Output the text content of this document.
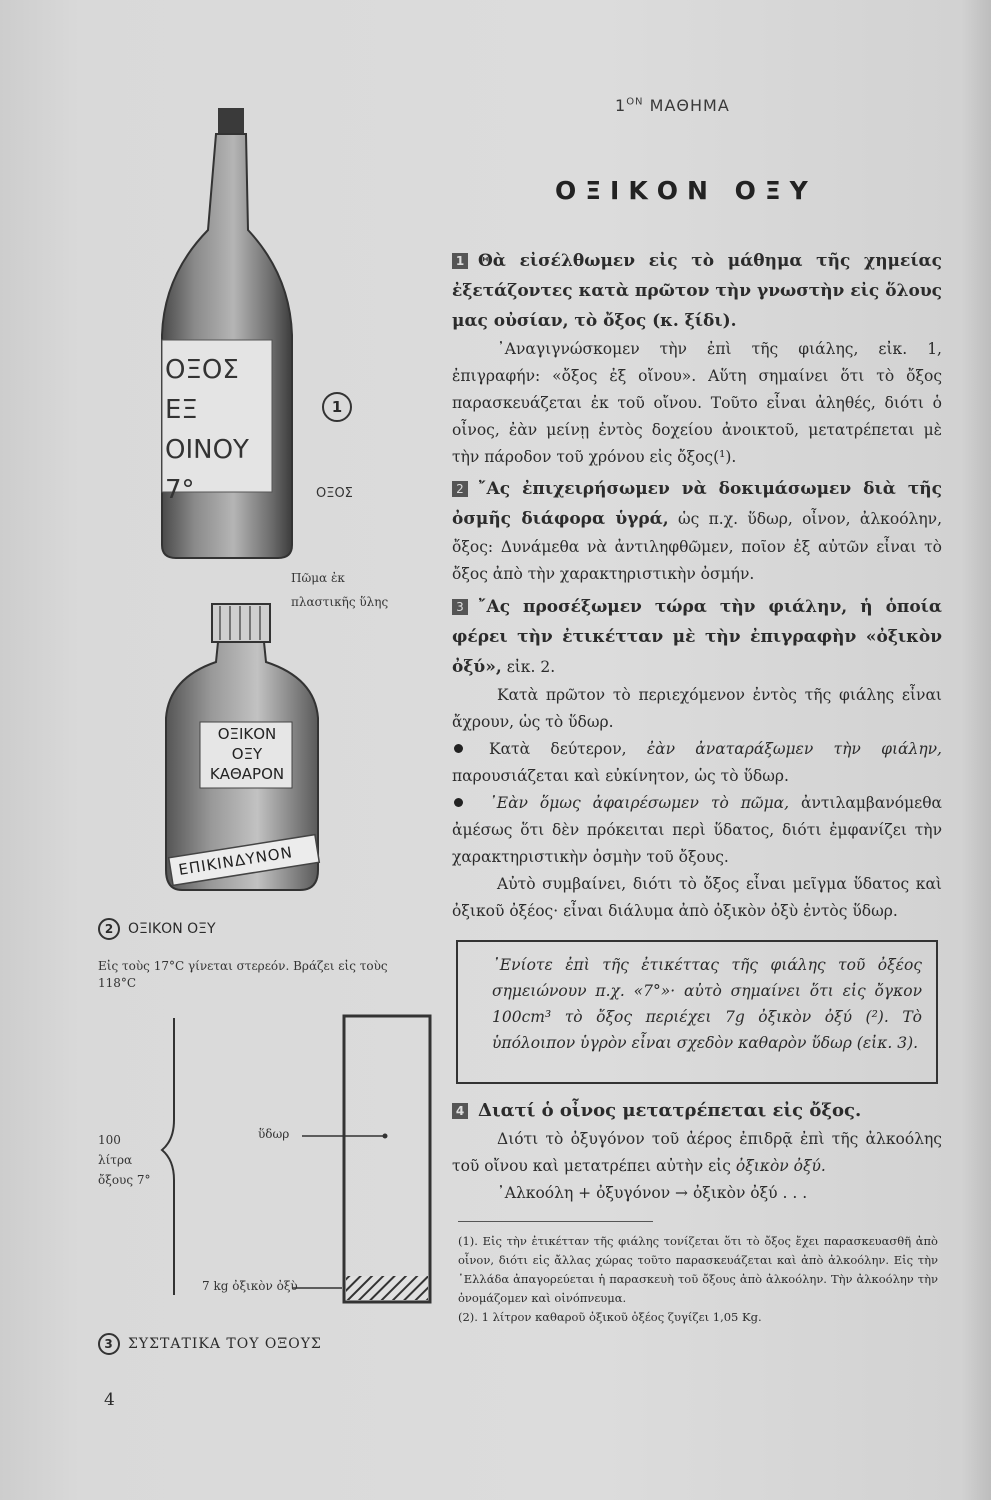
$1^{ON}$ ΜΑΘΗΜΑ
ΟΞΙΚΟΝ ΟΞΥ

1 Θὰ εἰσέλθωμεν εἰς τὸ μάθημα τῆς χημείας ἐξετάζοντες κατὰ πρῶτον τὴν γνωστὴν εἰς ὅλους μας οὐσίαν, τὸ ὄξος (κ. ξίδι).

᾿Αναγιγνώσκομεν τὴν ἐπὶ τῆς φιάλης, εἰκ. 1, ἐπιγραφήν: «ὄξος ἐξ οἴνου». Αὕτη σημαίνει ὅτι τὸ ὄξος παρασκευάζεται ἐκ τοῦ οἴνου. Τοῦτο εἶναι ἀληθές, διότι ὁ οἶνος, ἐὰν μείνῃ ἐντὸς δοχείου ἀνοικτοῦ, μετατρέπεται μὲ τὴν πάροδον τοῦ χρόνου εἰς ὄξος(¹).

2 ῎Ας ἐπιχειρήσωμεν νὰ δοκιμάσωμεν διὰ τῆς ὀσμῆς διάφορα ὑγρά, ὡς π.χ. ὕδωρ, οἶνον, ἀλκοόλην, ὄξος: Δυνάμεθα νὰ ἀντιληφθῶμεν, ποῖον ἐξ αὐτῶν εἶναι τὸ ὄξος ἀπὸ τὴν χαρακτηριστικὴν ὀσμήν.

3 ῎Ας προσέξωμεν τώρα τὴν φιάλην, ἡ ὁποία φέρει τὴν ἐτικέτταν μὲ τὴν ἐπιγραφὴν «ὀξικὸν ὀξύ», εἰκ. 2.

Κατὰ πρῶτον τὸ περιεχόμενον ἐντὸς τῆς φιάλης εἶναι ἄχρουν, ὡς τὸ ὕδωρ.

Κατὰ δεύτερον, ἐὰν ἀναταράξωμεν τὴν φιάλην, παρουσιάζεται καὶ εὐκίνητον, ὡς τὸ ὕδωρ.

᾿Εὰν ὅμως ἀφαιρέσωμεν τὸ πῶμα, ἀντιλαμβανόμεθα ἀμέσως ὅτι δὲν πρόκειται περὶ ὕδατος, διότι ἐμφανίζει τὴν χαρακτηριστικὴν ὀσμὴν τοῦ ὄξους.

Αὐτὸ συμβαίνει, διότι τὸ ὄξος εἶναι μεῖγμα ὕδατος καὶ ὀξικοῦ ὀξέος· εἶναι διάλυμα ἀπὸ ὀξικὸν ὀξὺ ἐντὸς ὕδωρ.

᾿Ενίοτε ἐπὶ τῆς ἐτικέττας τῆς φιάλης τοῦ ὀξέος σημειώνουν π.χ. «7°»· αὐτὸ σημαίνει ὅτι εἰς ὄγκον 100cm³ τὸ ὄξος περιέχει 7g ὀξικὸν ὀξύ (²). Τὸ ὑπόλοιπον ὑγρὸν εἶναι σχεδὸν καθαρὸν ὕδωρ (εἰκ. 3).

4 Διατί ὁ οἶνος μετατρέπεται εἰς ὄξος.

Διότι τὸ ὀξυγόνον τοῦ ἀέρος ἐπιδρᾷ ἐπὶ τῆς ἀλκοόλης τοῦ οἴνου καὶ μετατρέπει αὐτὴν εἰς ὀξικὸν ὀξύ.

᾿Αλκοόλη + ὀξυγόνον → ὀξικὸν ὀξύ . . .

(1). Εἰς τὴν ἐτικέτταν τῆς φιάλης τονίζεται ὅτι τὸ ὄξος ἔχει παρασκευασθῆ ἀπὸ οἶνον, διότι εἰς ἄλλας χώρας τοῦτο παρασκευάζεται καὶ ἀπὸ ἀλκοόλην. Εἰς τὴν ῾Ελλάδα ἀπαγορεύεται ἡ παρασκευὴ τοῦ ὄξους ἀπὸ ἀλκοόλην. Τὴν ἀλκοόλην τὴν ὀνομάζομεν καὶ οἰνόπνευμα.
(2). 1 λίτρον καθαροῦ ὀξικοῦ ὀξέος ζυγίζει 1,05 Kg.
ΟΞΟΣ ΕΞ ΟΙΝΟΥ 7°
1
ΟΞΟΣ
Πῶμα ἐκ πλαστικῆς ὕλης
ΟΞΙΚΟΝ ΟΞΥ ΚΑΘΑΡΟΝ
ΕΠΙΚΙΝΔΥΝΟΝ
2 ΟΞΙΚΟΝ ΟΞΥ
Εἰς τοὺς 17°C γίνεται στερεόν. Βράζει εἰς τοὺς 118°C
100 λίτρα ὄξους 7°
ὕδωρ
7 kg ὀξικὸν ὀξὺ
3 ΣΥΣΤΑΤΙΚΑ ΤΟΥ ΟΞΟΥΣ
4
